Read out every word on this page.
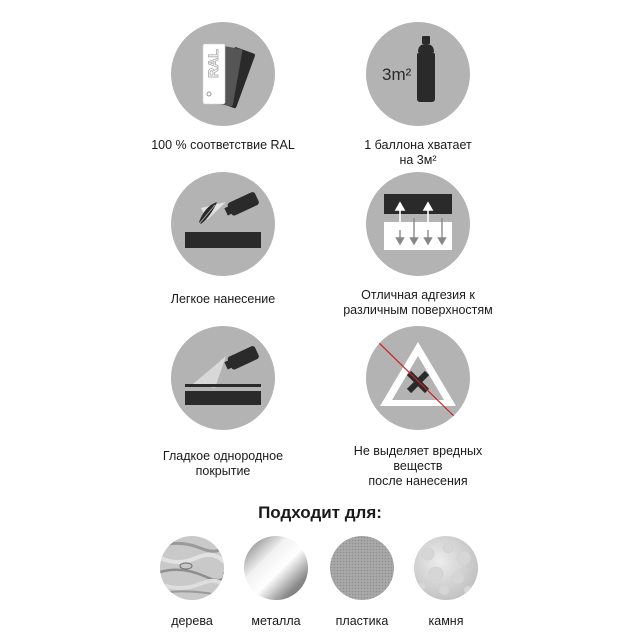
RAL
100 % соответствие RAL
3m²
1 баллона хватает
на 3м²
Легкое нанесение	Отличная адгезия к
различным поверхностям
Гладкое однородное
покрытие
Не выделяет вредных
веществ
после нанесения
Подходит для:
дерева	металла	пластика	камня
